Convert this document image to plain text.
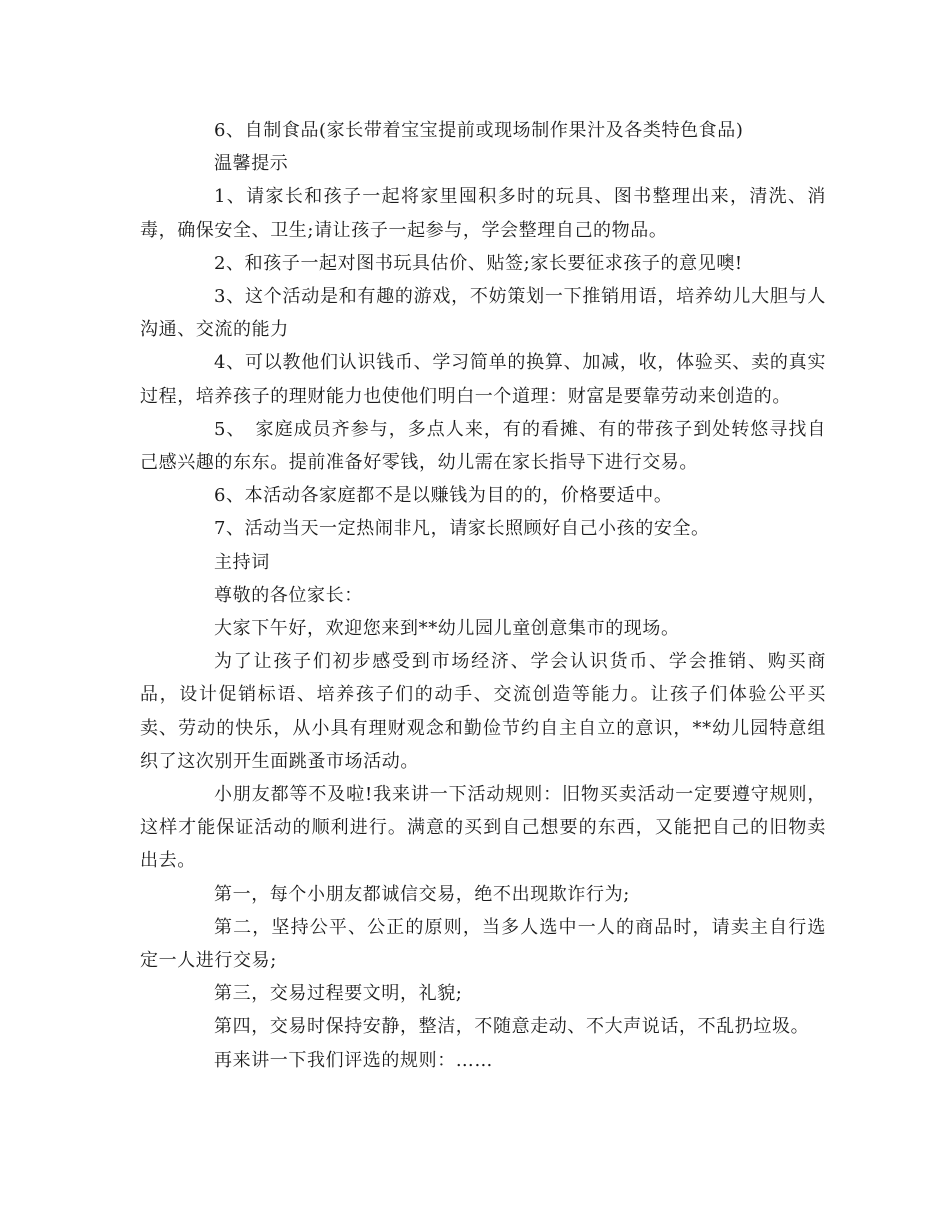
6、自制食品(家长带着宝宝提前或现场制作果汁及各类特色食品)

温馨提示

1、请家长和孩子一起将家里囤积多时的玩具、图书整理出来，清洗、消毒，确保安全、卫生;请让孩子一起参与，学会整理自己的物品。

2、和孩子一起对图书玩具估价、贴签;家长要征求孩子的意见噢!

3、这个活动是和有趣的游戏，不妨策划一下推销用语，培养幼儿大胆与人沟通、交流的能力

4、可以教他们认识钱币、学习简单的换算、加减，收，体验买、卖的真实过程，培养孩子的理财能力也使他们明白一个道理：财富是要靠劳动来创造的。

5、　家庭成员齐参与，多点人来，有的看摊、有的带孩子到处转悠寻找自己感兴趣的东东。提前准备好零钱，幼儿需在家长指导下进行交易。

6、本活动各家庭都不是以赚钱为目的的，价格要适中。

7、活动当天一定热闹非凡，请家长照顾好自己小孩的安全。

主持词

尊敬的各位家长：

大家下午好，欢迎您来到**幼儿园儿童创意集市的现场。

为了让孩子们初步感受到市场经济、学会认识货币、学会推销、购买商品，设计促销标语、培养孩子们的动手、交流创造等能力。让孩子们体验公平买卖、劳动的快乐，从小具有理财观念和勤俭节约自主自立的意识，**幼儿园特意组织了这次别开生面跳蚤市场活动。

小朋友都等不及啦!我来讲一下活动规则：旧物买卖活动一定要遵守规则，这样才能保证活动的顺利进行。满意的买到自己想要的东西，又能把自己的旧物卖出去。

第一，每个小朋友都诚信交易，绝不出现欺诈行为;

第二，坚持公平、公正的原则，当多人选中一人的商品时，请卖主自行选定一人进行交易;

第三，交易过程要文明，礼貌;

第四，交易时保持安静，整洁，不随意走动、不大声说话，不乱扔垃圾。

再来讲一下我们评选的规则：……
